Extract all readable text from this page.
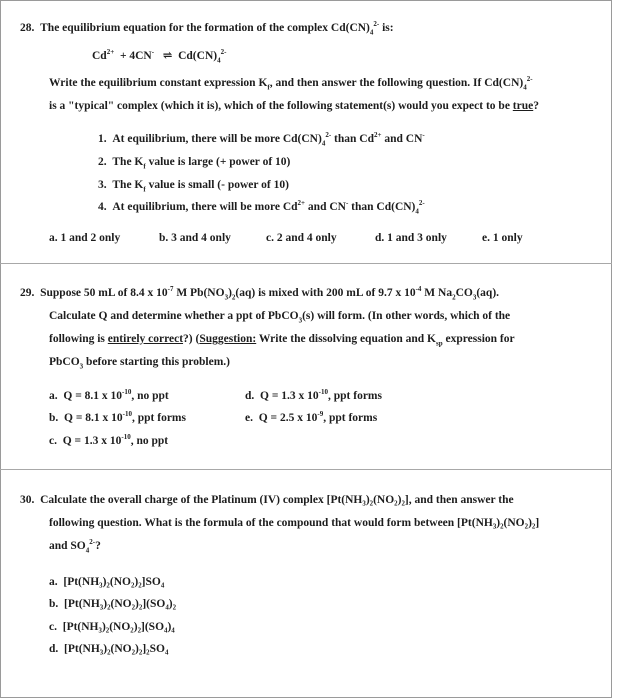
28. The equilibrium equation for the formation of the complex $Cd(CN)_4^{2-}$ is:
$Cd^{2+} + 4CN^-$ ⇌ $Cd(CN)_4^{2-}$
Write the equilibrium constant expression $K_f$, and then answer the following question. If $Cd(CN)_4^{2-}$
is a "typical" complex (which it is), which of the following statement(s) would you expect to be true?
1. At equilibrium, there will be more $Cd(CN)_4^{2-}$ than $Cd^{2+}$ and CN-
2. The $K_f$ value is large (+ power of 10)
3. The $K_f$ value is small (- power of 10)
4. At equilibrium, there will be more $Cd^{2+}$ and CN- than $Cd(CN)_4^{2-}$
a. 1 and 2 only	b. 3 and 4 only	c. 2 and 4 only	d. 1 and 3 only	e. 1 only
29. Suppose 50 mL of 8.4 x $10^{-7}$ M $Pb(NO_3)_2(aq)$ is mixed with 200 mL of 9.7 x $10^{-4}$ M $Na_2CO_3(aq)$.
Calculate Q and determine whether a ppt of PbCO$_3$(s) will form. (In other words, which of the
following is entirely correct?) (Suggestion: Write the dissolving equation and $K_{sp}$ expression for
PbCO$_3$ before starting this problem.)
a. Q = 8.1 x $10^{-10}$, no ppt
b. Q = 8.1 x $10^{-10}$, ppt forms
c. Q = 1.3 x $10^{-10}$, no ppt
d. Q = 1.3 x $10^{-10}$, ppt forms
e. Q = 2.5 x $10^{-9}$, ppt forms
30. Calculate the overall charge of the Platinum (IV) complex [Pt(NH₃)₂(NO₂)₂], and then answer the
following question. What is the formula of the compound that would form between [Pt(NH₃)₂(NO₂)₂]
and $SO_4^{2-}$?
a. [Pt(NH₃)₂(NO₂)₂]SO₄
b. [Pt(NH₃)₂(NO₂)₂](SO₄)₂
c. [Pt(NH₃)₂(NO₂)₂](SO₄)₄
d. [Pt(NH₃)₂(NO₂)₂]₂SO₄
